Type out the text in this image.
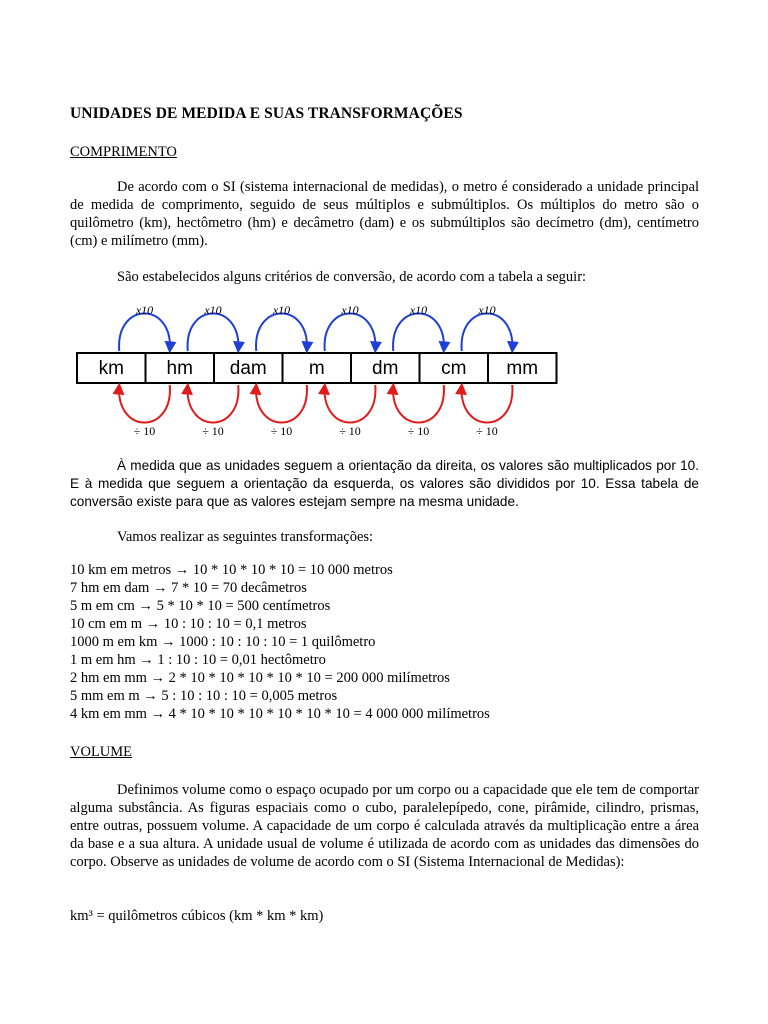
UNIDADES DE MEDIDA E SUAS TRANSFORMAÇÕES
COMPRIMENTO

De acordo com o SI (sistema internacional de medidas), o metro é considerado a unidade principal de medida de comprimento, seguido de seus múltiplos e submúltiplos. Os múltiplos do metro são o quilômetro (km), hectômetro (hm) e decâmetro (dam) e os submúltiplos são decímetro (dm), centímetro (cm) e milímetro (mm).

São estabelecidos alguns critérios de conversão, de acordo com a tabela a seguir:

À medida que as unidades seguem a orientação da direita, os valores são multiplicados por 10. E à medida que seguem a orientação da esquerda, os valores são divididos por 10. Essa tabela de conversão existe para que as valores estejam sempre na mesma unidade.

Vamos realizar as seguintes transformações:

10 km em metros → 10 * 10 * 10 * 10 = 10 000 metros
7 hm em dam → 7 * 10 = 70 decâmetros
5 m em cm → 5 * 10 * 10 = 500 centímetros
10 cm em m → 10 : 10 : 10 = 0,1 metros
1000 m em km → 1000 : 10 : 10 : 10 = 1 quilômetro
1 m em hm → 1 : 10 : 10 = 0,01 hectômetro
2 hm em mm → 2 * 10 * 10 * 10 * 10 * 10 = 200 000 milímetros
5 mm em m → 5 : 10 : 10 : 10 = 0,005 metros
4 km em mm → 4 * 10 * 10 * 10 * 10 * 10 * 10 = 4 000 000 milímetros
VOLUME

Definimos volume como o espaço ocupado por um corpo ou a capacidade que ele tem de comportar alguma substância. As figuras espaciais como o cubo, paralelepípedo, cone, pirâmide, cilindro, prismas, entre outras, possuem volume. A capacidade de um corpo é calculada através da multiplicação entre a área da base e a sua altura. A unidade usual de volume é utilizada de acordo com as unidades das dimensões do corpo. Observe as unidades de volume de acordo com o SI (Sistema Internacional de Medidas):

km³ = quilômetros cúbicos (km * km * km)

km hm dam m dm cm mm
x10
÷ 10
x10
÷ 10
x10
÷ 10
x10
÷ 10
x10
÷ 10
x10
÷ 10
